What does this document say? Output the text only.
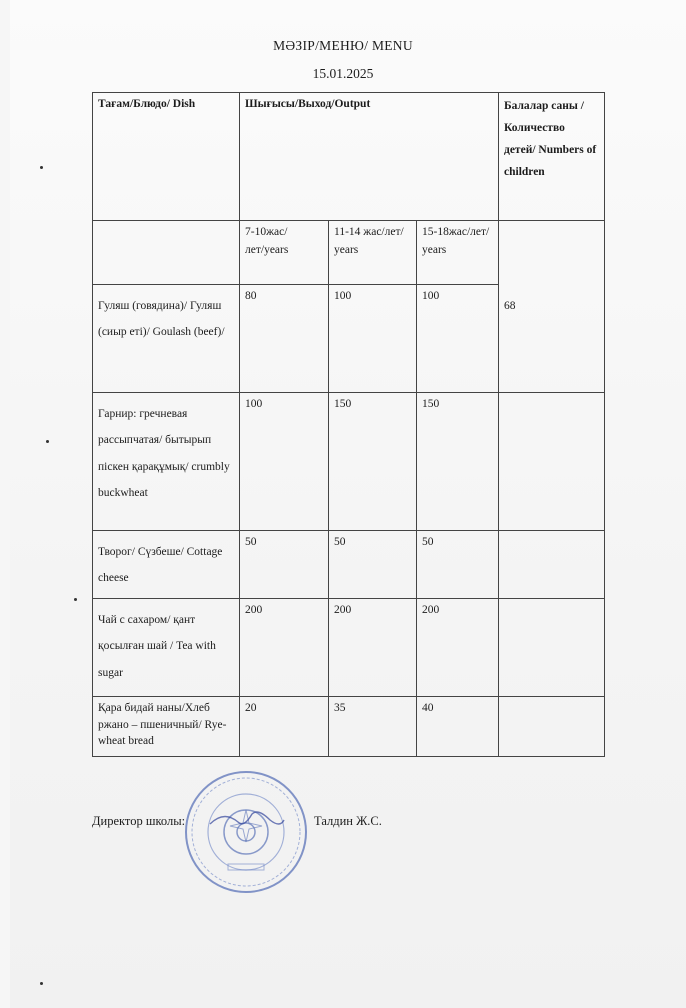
МӘЗІР/МЕНЮ/ MENU
15.01.2025
Тағам/Блюдо/ Dish	Шығысы/Выход/Output			Балалар саны /Количество детей/ Numbers of children
	7-10жас/лет/years	11-14 жас/лет/ years	15-18жас/лет/ years	68
Гуляш (говядина)/ Гуляш (сиыр еті)/ Goulash (beef)/	80	100	100	
Гарнир: гречневая рассыпчатая/ бытырып піскен қарақұмық/ crumbly buckwheat	100	150	150	
Творог/ Сүзбеше/ Cottage cheese	50	50	50	
Чай с сахаром/ қант қосылған шай / Tea with sugar	200	200	200	
Қара бидай наны/Хлеб ржано – пшеничный/ Rye-wheat bread	20	35	40	
Директор школы:	Талдин Ж.С.
